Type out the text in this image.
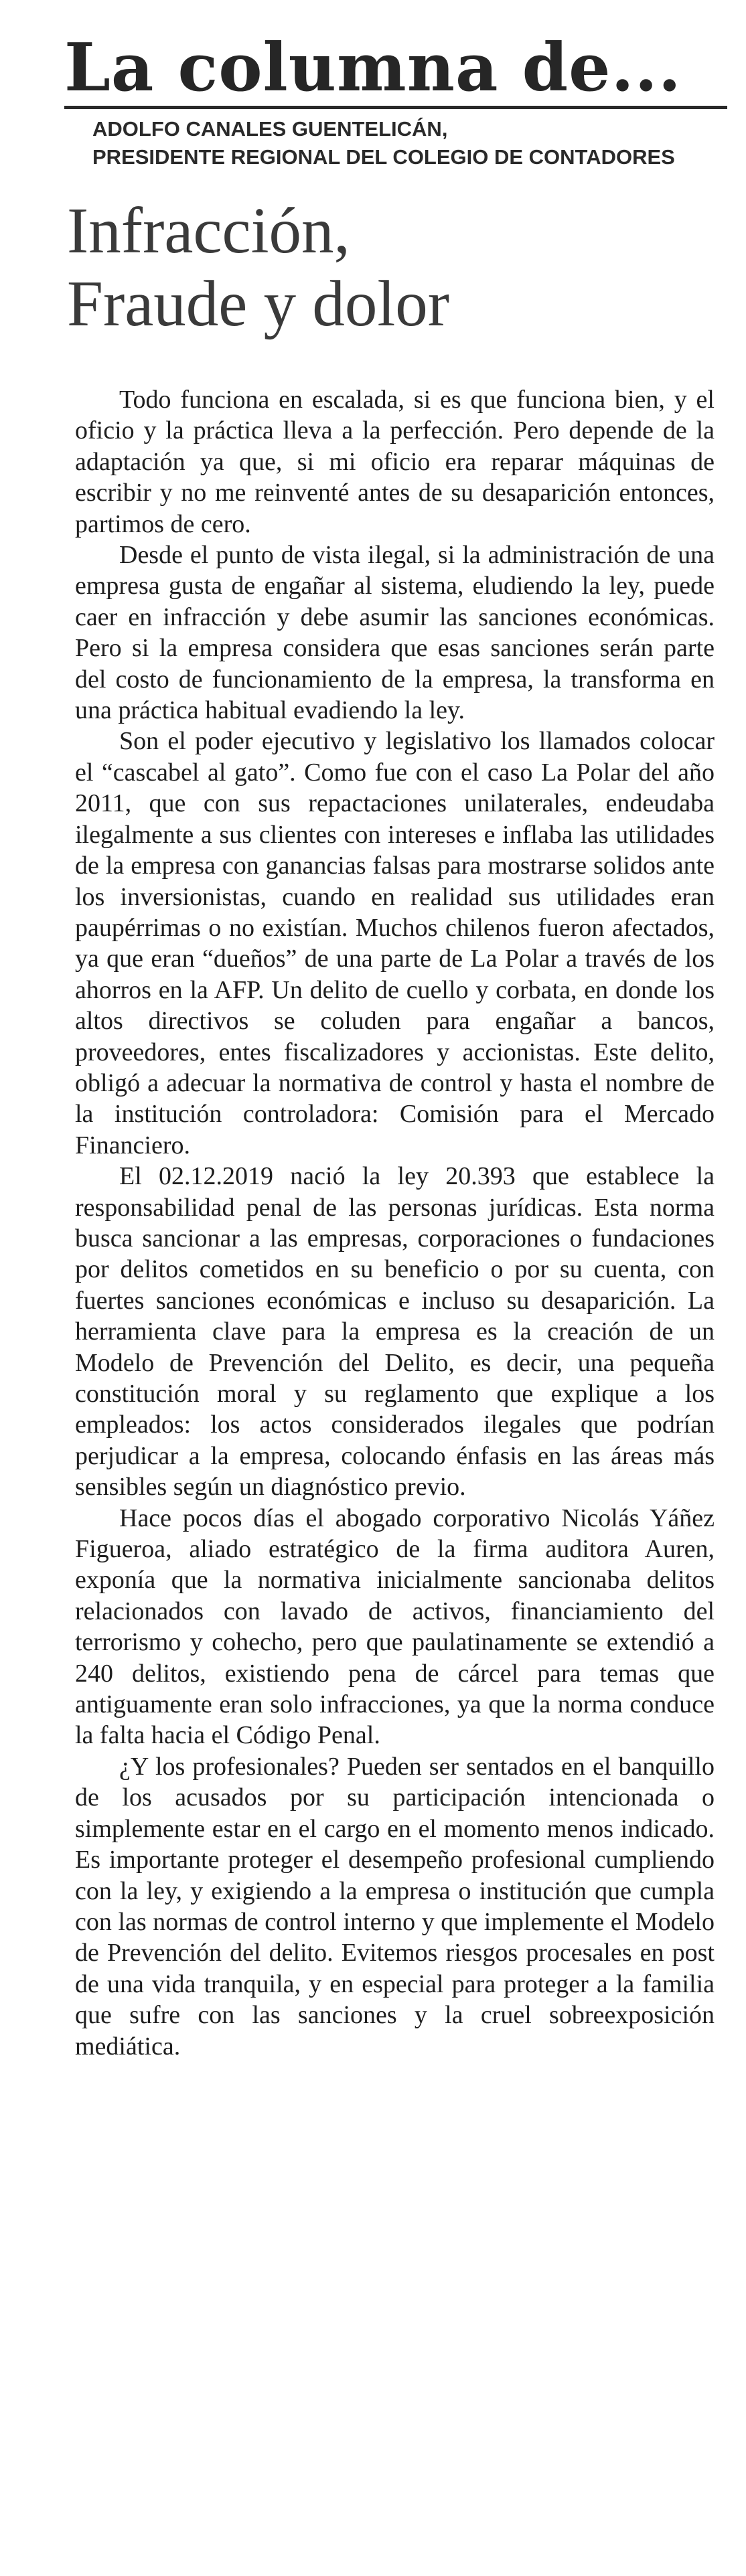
La columna de...
ADOLFO CANALES GUENTELICÁN,
PRESIDENTE REGIONAL DEL COLEGIO DE CONTADORES
Infracción,
Fraude y dolor

Todo funciona en escalada, si es que funciona bien, y el oficio y la práctica lleva a la perfección. Pero depende de la adaptación ya que, si mi oficio era reparar máquinas de escribir y no me reinventé antes de su desaparición entonces, partimos de cero.

Desde el punto de vista ilegal, si la administración de una empresa gusta de engañar al sistema, eludiendo la ley, puede caer en infracción y debe asumir las sanciones económicas. Pero si la empresa considera que esas sanciones serán parte del costo de funcionamiento de la empresa, la transforma en una práctica habitual evadiendo la ley.

Son el poder ejecutivo y legislativo los llamados colocar el “cascabel al gato”. Como fue con el caso La Polar del año 2011, que con sus repactaciones unilaterales, endeudaba ilegalmente a sus clientes con intereses e inflaba las utilidades de la empresa con ganancias falsas para mostrarse solidos ante los inversionistas, cuando en realidad sus utilidades eran paupérrimas o no existían. Muchos chilenos fueron afectados, ya que eran “dueños” de una parte de La Polar a través de los ahorros en la AFP. Un delito de cuello y corbata, en donde los altos directivos se coluden para engañar a bancos, proveedores, entes fiscalizadores y accionistas. Este delito, obligó a adecuar la normativa de control y hasta el nombre de la institución controladora: Comisión para el Mercado Financiero.

El 02.12.2019 nació la ley 20.393 que establece la responsabilidad penal de las personas jurídicas. Esta norma busca sancionar a las empresas, corporaciones o fundaciones por delitos cometidos en su beneficio o por su cuenta, con fuertes sanciones económicas e incluso su desaparición. La herramienta clave para la empresa es la creación de un Modelo de Prevención del Delito, es decir, una pequeña constitución moral y su reglamento que explique a los empleados: los actos considerados ilegales que podrían perjudicar a la empresa, colocando énfasis en las áreas más sensibles según un diagnóstico previo.

Hace pocos días el abogado corporativo Nicolás Yáñez Figueroa, aliado estratégico de la firma auditora Auren, exponía que la normativa inicialmente sancionaba delitos relacionados con lavado de activos, financiamiento del terrorismo y cohecho, pero que paulatinamente se extendió a 240 delitos, existiendo pena de cárcel para temas que antiguamente eran solo infracciones, ya que la norma conduce la falta hacia el Código Penal.

¿Y los profesionales? Pueden ser sentados en el banquillo de los acusados por su participación intencionada o simplemente estar en el cargo en el momento menos indicado. Es importante proteger el desempeño profesional cumpliendo con la ley, y exigiendo a la empresa o institución que cumpla con las normas de control interno y que implemente el Modelo de Prevención del delito. Evitemos riesgos procesales en post de una vida tranquila, y en especial para proteger a la familia que sufre con las sanciones y la cruel sobreexposición mediática.
